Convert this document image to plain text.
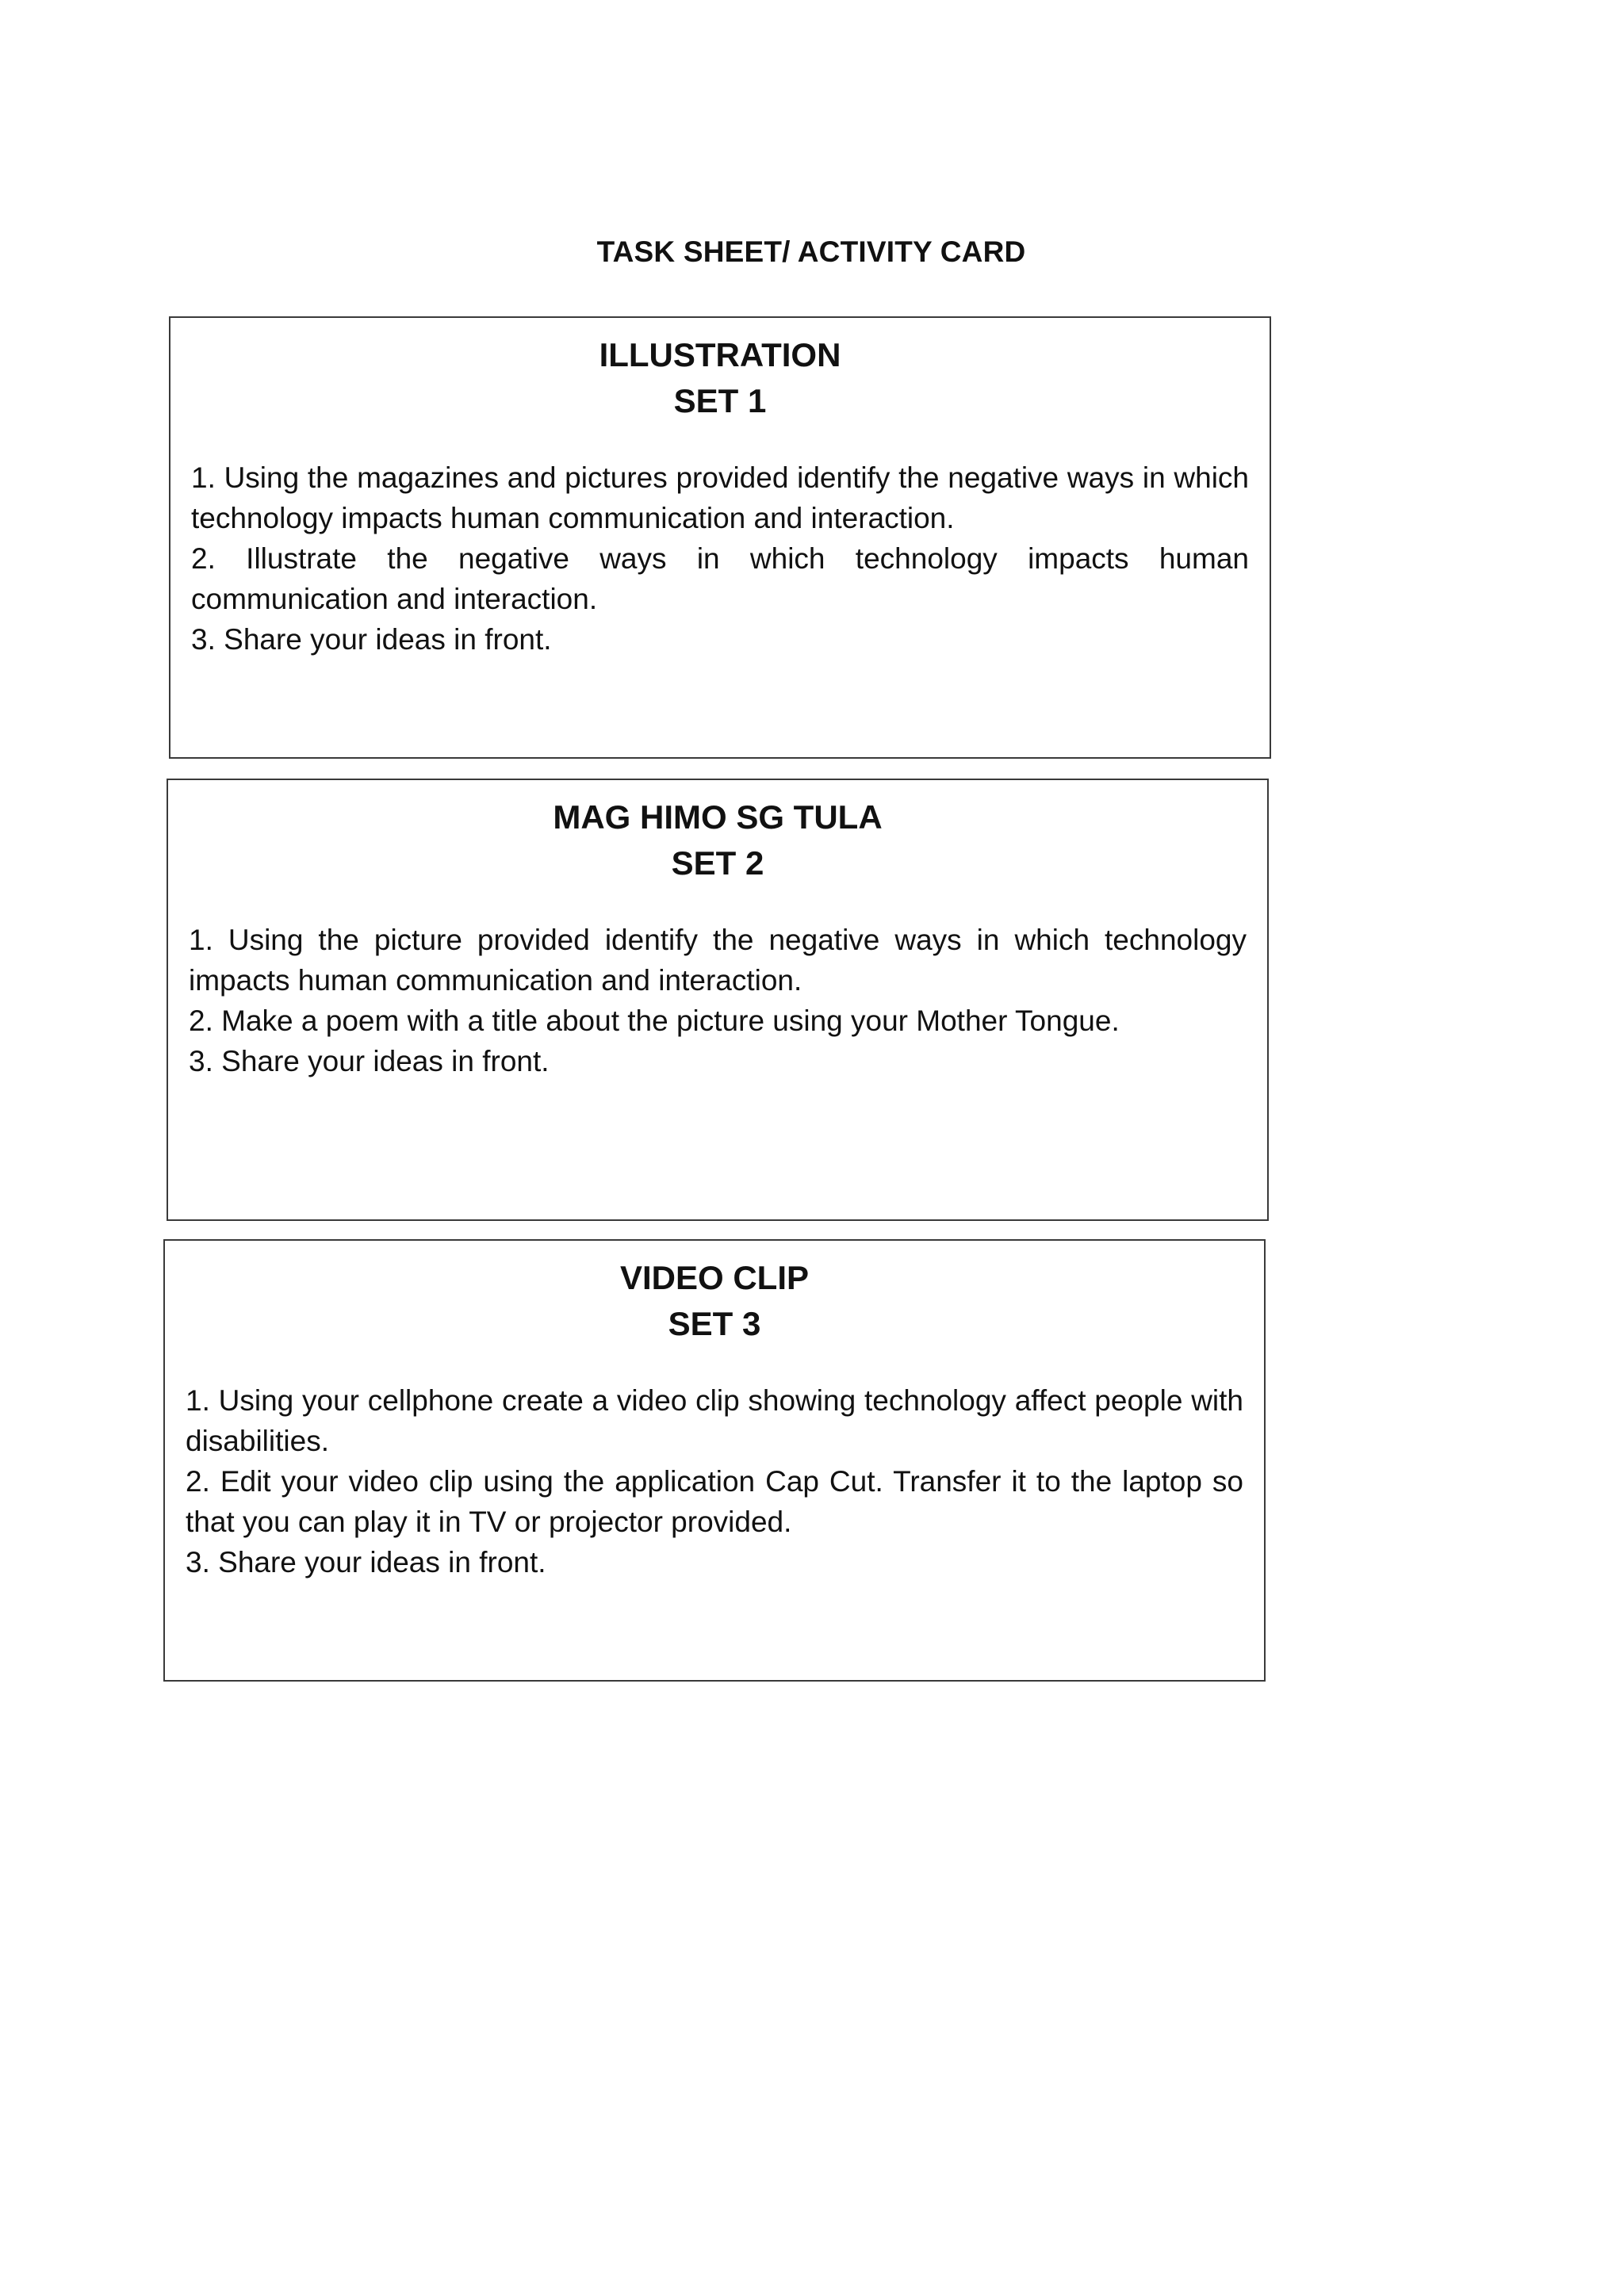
TASK SHEET/ ACTIVITY CARD
ILLUSTRATION
SET 1
1. Using the magazines and pictures provided identify the negative ways in which technology impacts human communication and interaction.
2. Illustrate the negative ways in which technology impacts human communication and interaction.
3. Share your ideas in front.
MAG HIMO SG TULA
SET 2
1. Using the picture provided identify the negative ways in which technology impacts human communication and interaction.
2. Make a poem with a title about the picture using your Mother Tongue.
3. Share your ideas in front.
VIDEO CLIP
SET 3
1. Using your cellphone create a video clip showing technology affect people with disabilities.
2. Edit your video clip using the application Cap Cut. Transfer it to the laptop so that you can play it in TV or projector provided.
3. Share your ideas in front.
